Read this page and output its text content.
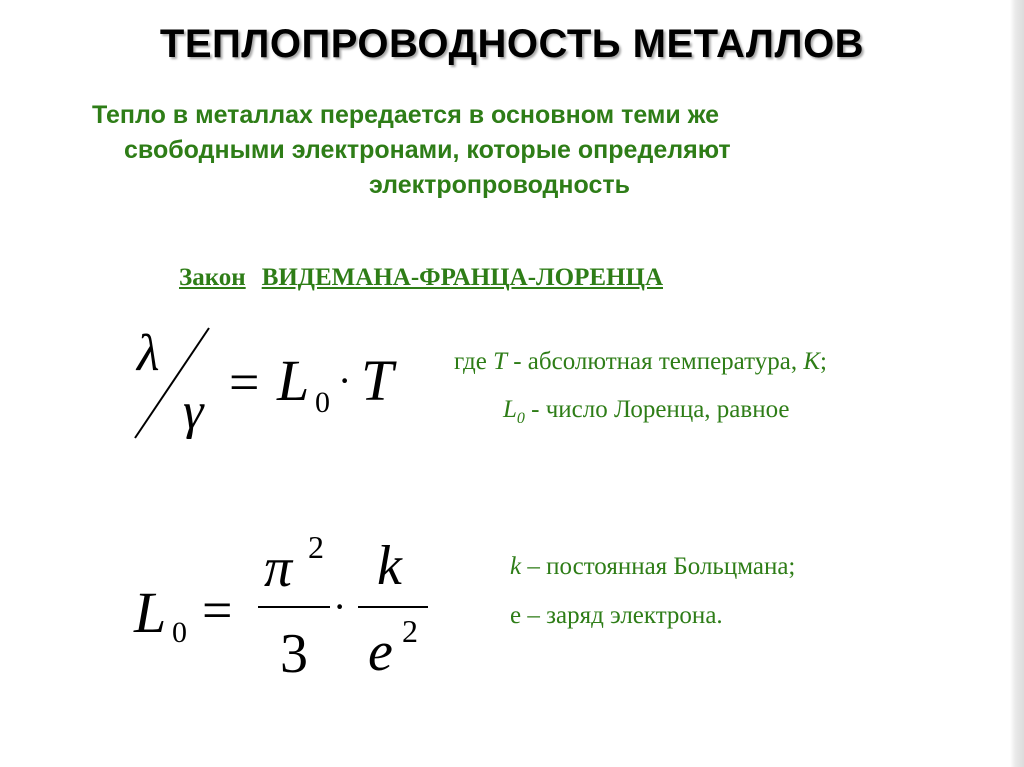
ТЕПЛОПРОВОДНОСТЬ МЕТАЛЛОВ
Тепло в металлах передается в основном теми же
свободными электронами, которые определяют
электропроводность
Закон ВИДЕМАНА-ФРАНЦА-ЛОРЕНЦА
λ
γ = L 0 · T
L 0 =
π 2
3
·
k
e 2
где T - абсолютная температура, К;
$L_0$ - число Лоренца, равное
k – постоянная Больцмана;
е – заряд электрона.
